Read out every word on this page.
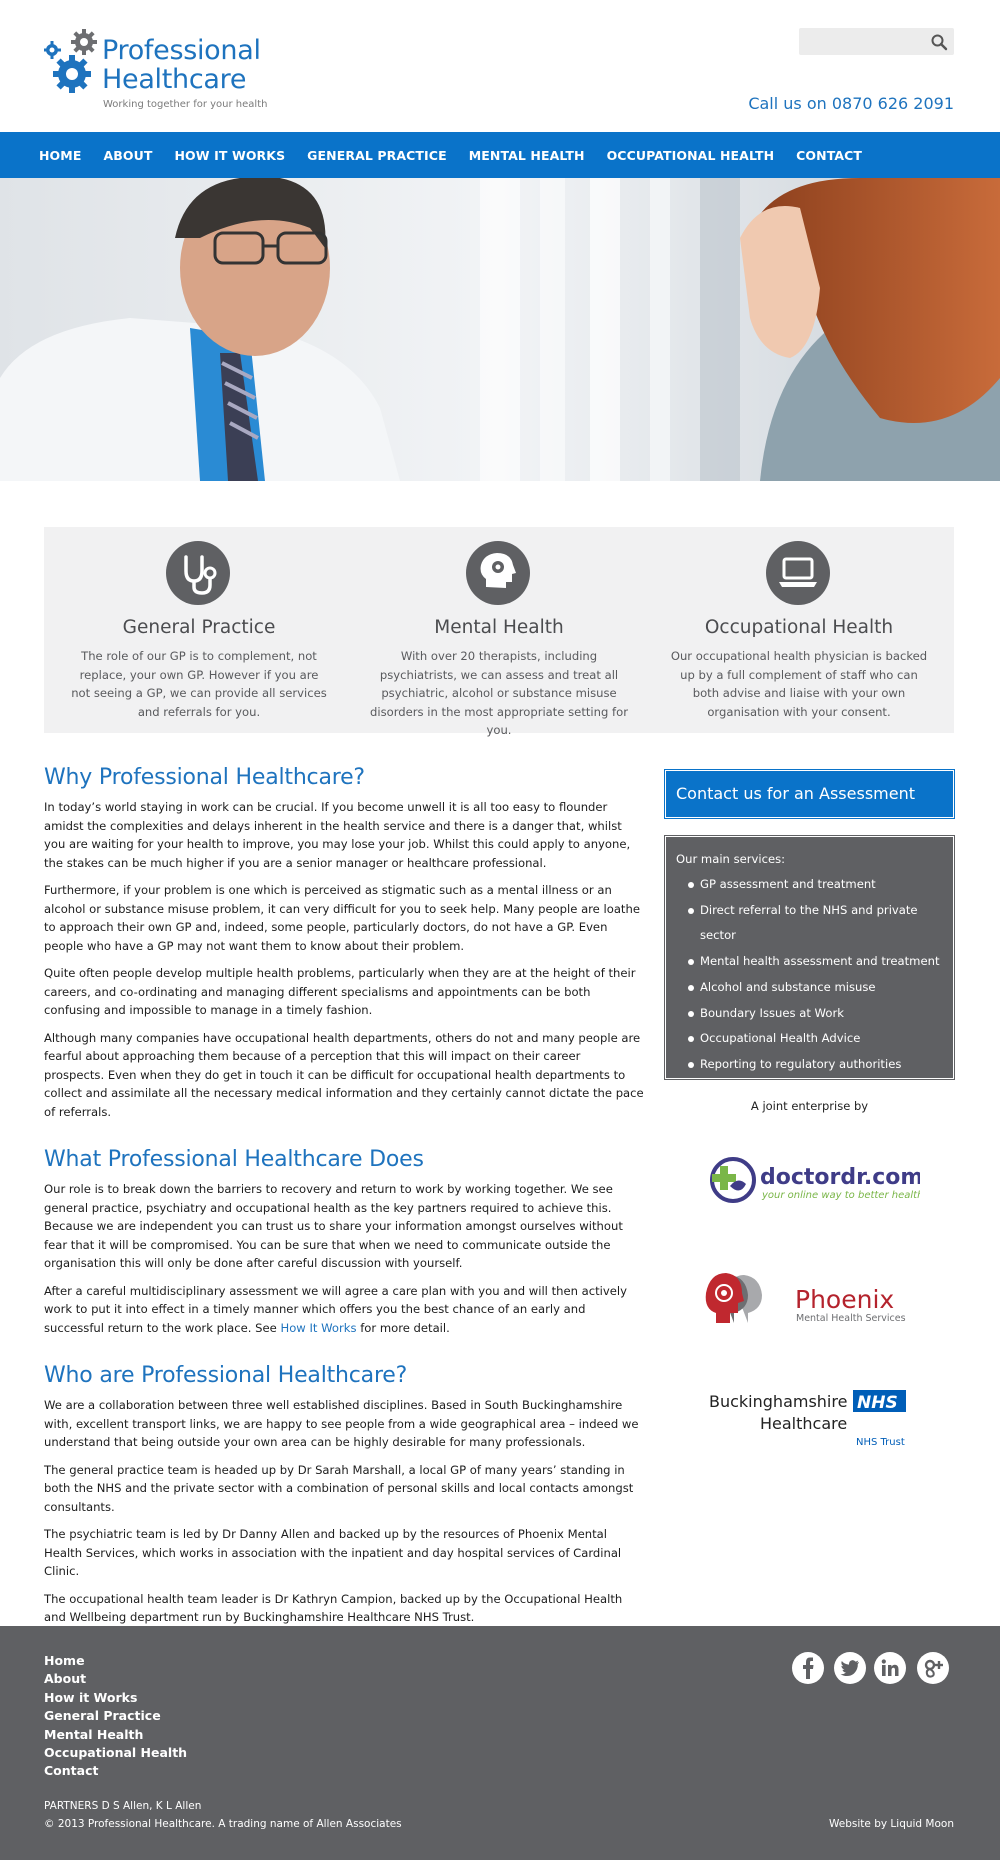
Professional
Healthcare
Working together for your health	Call us on 0870 626 2091
HOME ABOUT HOW IT WORKS GENERAL PRACTICE MENTAL HEALTH OCCUPATIONAL HEALTH CONTACT
General Practice

The role of our GP is to complement, not replace, your own GP. However if you are not seeing a GP, we can provide all services and referrals for you.

Mental Health

With over 20 therapists, including psychiatrists, we can assess and treat all psychiatric, alcohol or substance misuse disorders in the most appropriate setting for you.

Occupational Health

Our occupational health physician is backed up by a full complement of staff who can both advise and liaise with your own organisation with your consent.

Why Professional Healthcare?

In today’s world staying in work can be crucial. If you become unwell it is all too easy to flounder amidst the complexities and delays inherent in the health service and there is a danger that, whilst you are waiting for your health to improve, you may lose your job. Whilst this could apply to anyone, the stakes can be much higher if you are a senior manager or healthcare professional.

Furthermore, if your problem is one which is perceived as stigmatic such as a mental illness or an alcohol or substance misuse problem, it can very difficult for you to seek help. Many people are loathe to approach their own GP and, indeed, some people, particularly doctors, do not have a GP. Even people who have a GP may not want them to know about their problem.

Quite often people develop multiple health problems, particularly when they are at the height of their careers, and co-ordinating and managing different specialisms and appointments can be both confusing and impossible to manage in a timely fashion.

Although many companies have occupational health departments, others do not and many people are fearful about approaching them because of a perception that this will impact on their career prospects. Even when they do get in touch it can be difficult for occupational health departments to collect and assimilate all the necessary medical information and they certainly cannot dictate the pace of referrals.

What Professional Healthcare Does

Our role is to break down the barriers to recovery and return to work by working together. We see general practice, psychiatry and occupational health as the key partners required to achieve this. Because we are independent you can trust us to share your information amongst ourselves without fear that it will be compromised. You can be sure that when we need to communicate outside the organisation this will only be done after careful discussion with yourself.

After a careful multidisciplinary assessment we will agree a care plan with you and will then actively work to put it into effect in a timely manner which offers you the best chance of an early and successful return to the work place. See How It Works for more detail.

Who are Professional Healthcare?

We are a collaboration between three well established disciplines. Based in South Buckinghamshire with, excellent transport links, we are happy to see people from a wide geographical area – indeed we understand that being outside your own area can be highly desirable for many professionals.

The general practice team is headed up by Dr Sarah Marshall, a local GP of many years’ standing in both the NHS and the private sector with a combination of personal skills and local contacts amongst consultants.

The psychiatric team is led by Dr Danny Allen and backed up by the resources of Phoenix Mental Health Services, which works in association with the inpatient and day hospital services of Cardinal Clinic.

The occupational health team leader is Dr Kathryn Campion, backed up by the Occupational Health and Wellbeing department run by Buckinghamshire Healthcare NHS Trust.

Contact us for an Assessment
Our main services:
GP assessment and treatment
Direct referral to the NHS and private sector
Mental health assessment and treatment
Alcohol and substance misuse
Boundary Issues at Work
Occupational Health Advice
Reporting to regulatory authorities
A joint enterprise by
doctordr.com
your online way to better health
Phoenix
Mental Health Services
Buckinghamshire
Healthcare
NHS
NHS Trust
Home
About
How it Works
General Practice
Mental Health
Occupational Health
Contact
PARTNERS D S Allen, K L Allen
© 2013 Professional Healthcare. A trading name of Allen Associates	Website by Liquid Moon
